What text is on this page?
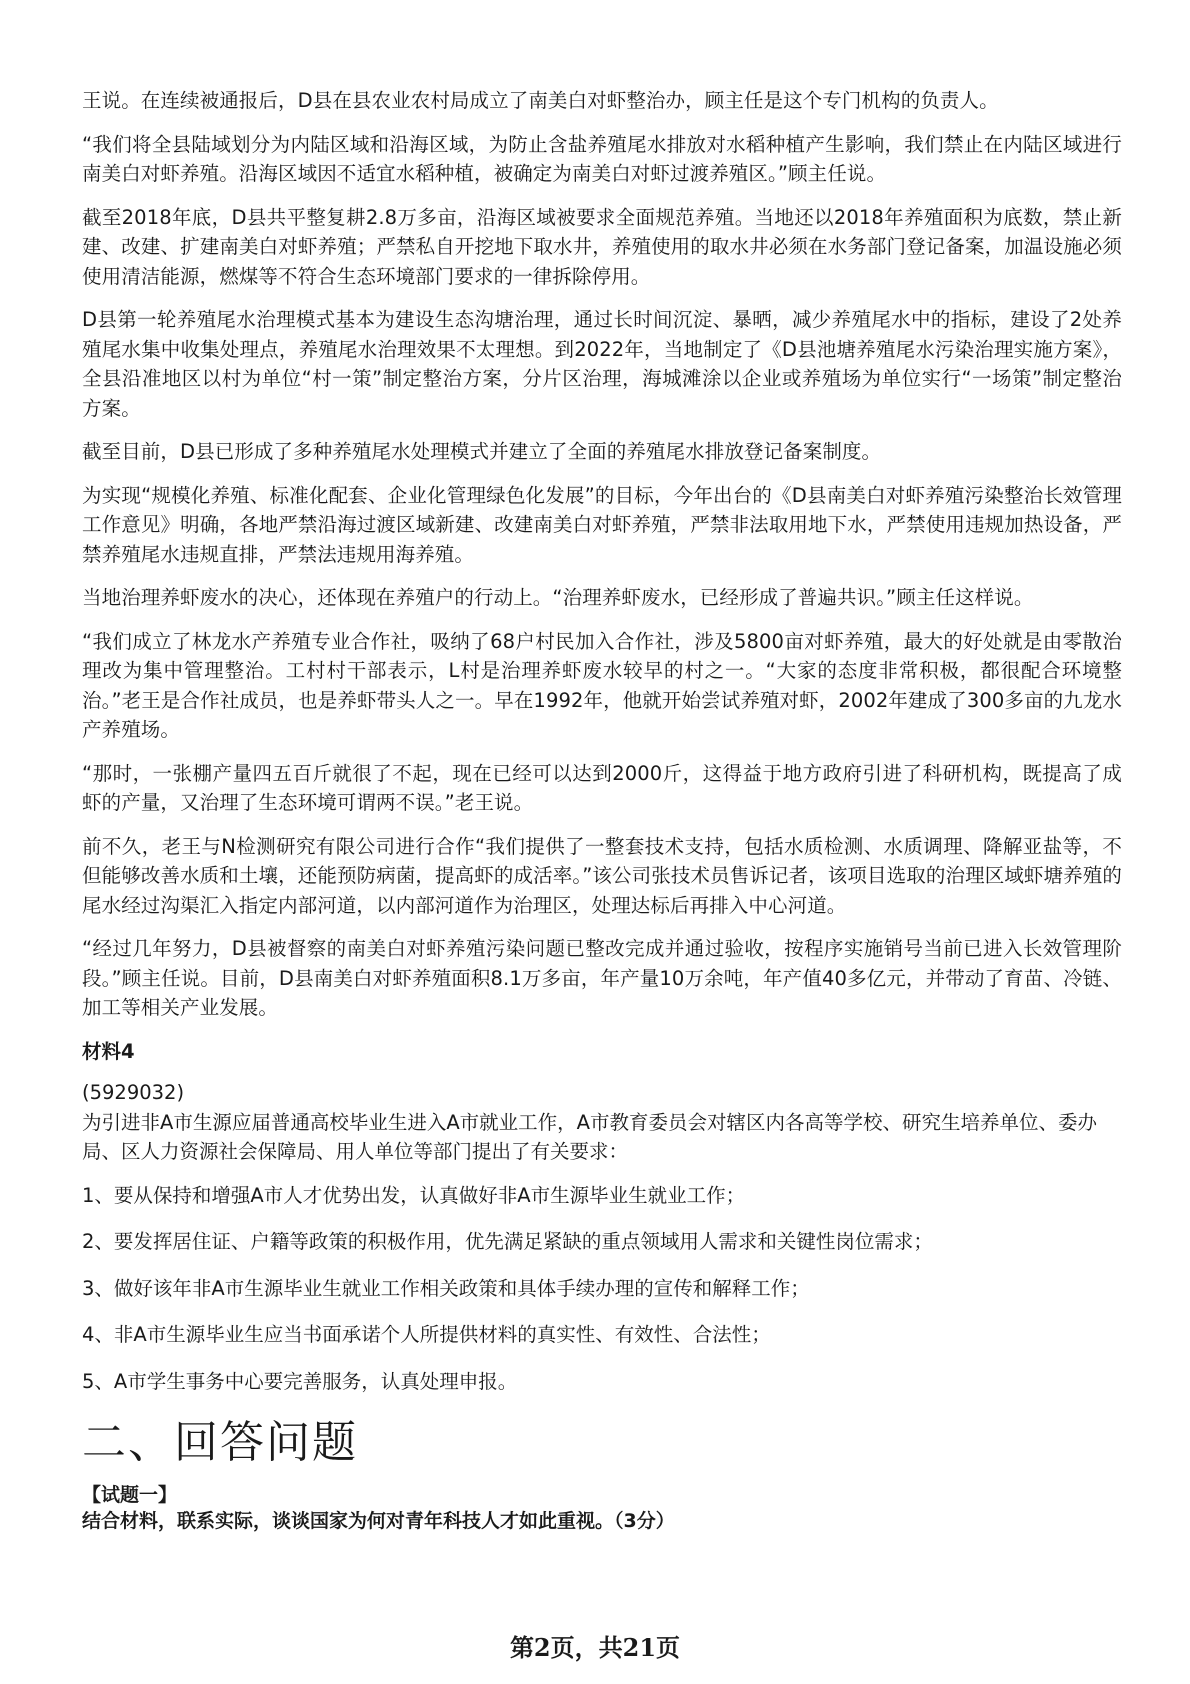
王说。在连续被通报后，D县在县农业农村局成立了南美白对虾整治办，顾主任是这个专门机构的负责人。

“我们将全县陆域划分为内陆区域和沿海区域，为防止含盐养殖尾水排放对水稻种植产生影响，我们禁止在内陆区域进行南美白对虾养殖。沿海区域因不适宜水稻种植，被确定为南美白对虾过渡养殖区。”顾主任说。

截至2018年底，D县共平整复耕2.8万多亩，沿海区域被要求全面规范养殖。当地还以2018年养殖面积为底数，禁止新建、改建、扩建南美白对虾养殖；严禁私自开挖地下取水井，养殖使用的取水井必须在水务部门登记备案，加温设施必须使用清洁能源，燃煤等不符合生态环境部门要求的一律拆除停用。

D县第一轮养殖尾水治理模式基本为建设生态沟塘治理，通过长时间沉淀、暴晒，减少养殖尾水中的指标，建设了2处养殖尾水集中收集处理点，养殖尾水治理效果不太理想。到2022年，当地制定了《D县池塘养殖尾水污染治理实施方案》，全县沿准地区以村为单位“村一策”制定整治方案，分片区治理，海城滩涂以企业或养殖场为单位实行“一场策”制定整治方案。

截至目前，D县已形成了多种养殖尾水处理模式并建立了全面的养殖尾水排放登记备案制度。

为实现“规模化养殖、标准化配套、企业化管理绿色化发展”的目标，今年出台的《D县南美白对虾养殖污染整治长效管理工作意见》明确，各地严禁沿海过渡区域新建、改建南美白对虾养殖，严禁非法取用地下水，严禁使用违规加热设备，严禁养殖尾水违规直排，严禁法违规用海养殖。

当地治理养虾废水的决心，还体现在养殖户的行动上。“治理养虾废水，已经形成了普遍共识。”顾主任这样说。

“我们成立了林龙水产养殖专业合作社，吸纳了68户村民加入合作社，涉及5800亩对虾养殖，最大的好处就是由零散治理改为集中管理整治。工村村干部表示，L村是治理养虾废水较早的村之一。“大家的态度非常积极，都很配合环境整治。”老王是合作社成员，也是养虾带头人之一。早在1992年，他就开始尝试养殖对虾，2002年建成了300多亩的九龙水产养殖场。

“那时，一张棚产量四五百斤就很了不起，现在已经可以达到2000斤，这得益于地方政府引进了科研机构，既提高了成虾的产量，又治理了生态环境可谓两不误。”老王说。

前不久，老王与N检测研究有限公司进行合作“我们提供了一整套技术支持，包括水质检测、水质调理、降解亚盐等，不但能够改善水质和土壤，还能预防病菌，提高虾的成活率。”该公司张技术员售诉记者，该项目选取的治理区域虾塘养殖的尾水经过沟渠汇入指定内部河道，以内部河道作为治理区，处理达标后再排入中心河道。

“经过几年努力，D县被督察的南美白对虾养殖污染问题已整改完成并通过验收，按程序实施销号当前已进入长效管理阶段。”顾主任说。目前，D县南美白对虾养殖面积8.1万多亩，年产量10万余吨，年产值40多亿元，并带动了育苗、冷链、加工等相关产业发展。

材料4

(5929032)

为引进非A市生源应届普通高校毕业生进入A市就业工作，A市教育委员会对辖区内各高等学校、研究生培养单位、委办局、区人力资源社会保障局、用人单位等部门提出了有关要求：

1、要从保持和增强A市人才优势出发，认真做好非A市生源毕业生就业工作；

2、要发挥居住证、户籍等政策的积极作用，优先满足紧缺的重点领域用人需求和关键性岗位需求；

3、做好该年非A市生源毕业生就业工作相关政策和具体手续办理的宣传和解释工作；

4、非A市生源毕业生应当书面承诺个人所提供材料的真实性、有效性、合法性；

5、A市学生事务中心要完善服务，认真处理申报。

二、回答问题

【试题一】

结合材料，联系实际，谈谈国家为何对青年科技人才如此重视。（3分）

第2页，共21页
